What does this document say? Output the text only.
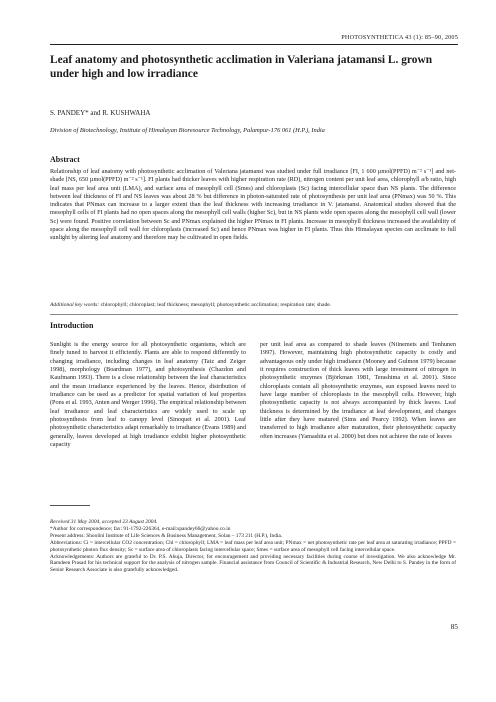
PHOTOSYNTHETICA 43 (1): 85–90, 2005
Leaf anatomy and photosynthetic acclimation in Valeriana jatamansi L. grown under high and low irradiance
S. PANDEY* and R. KUSHWAHA
Division of Biotechnology, Institute of Himalayan Bioresource Technology, Palampur-176 061 (H.P.), India
Abstract
Relationship of leaf anatomy with photosynthetic acclimation of Valeriana jatamansi was studied under full irradiance [FI, 1 600 µmol(PPFD) m⁻² s⁻¹] and net-shade [NS, 650 µmol(PPFD) m⁻² s⁻¹]. FI plants had thicker leaves with higher respiration rate (RD), nitrogen content per unit leaf area, chlorophyll a/b ratio, high leaf mass per leaf area unit (LMA), and surface area of mesophyll cell (Smes) and chloroplasts (Sc) facing intercellular space than NS plants. The difference between leaf thickness of FI and NS leaves was about 28 % but difference in photon-saturated rate of photosynthesis per unit leaf area (PNmax) was 50 %. This indicates that PNmax can increase to a larger extent than the leaf thickness with increasing irradiance in V. jatamansi. Anatomical studies showed that the mesophyll cells of FI plants had no open spaces along the mesophyll cell walls (higher Sc), but in NS plants wide open spaces along the mesophyll cell wall (lower Sc) were found. Positive correlation between Sc and PNmax explained the higher PNmax in FI plants. Increase in mesophyll thickness increased the availability of space along the mesophyll cell wall for chloroplasts (increased Sc) and hence PNmax was higher in FI plants. Thus this Himalayan species can acclimate to full sunlight by altering leaf anatomy and therefore may be cultivated in open fields.
Additional key words: chlorophyll; chloroplast; leaf thickness; mesophyll; photosynthetic acclimation; respiration rate; shade.
Introduction
Sunlight is the energy source for all photosynthetic organisms, which are finely tuned to harvest it efficiently. Plants are able to respond differently to changing irradiance, including changes in leaf anatomy (Taiz and Zeiger 1998), morphology (Boardman 1977), and photosynthesis (Chazdon and Kaufmann 1993). There is a close relationship between the leaf characteristics and the mean irradiance experienced by the leaves. Hence, distribution of irradiance can be used as a predictor for spatial variation of leaf properties (Pons et al. 1993, Anten and Werger 1996). The empirical relationship between leaf irradiance and leaf characteristics are widely used to scale up photosynthesis from leaf to canopy level (Sinoquet et al. 2001). Leaf photosynthetic characteristics adapt remarkably to irradiance (Evans 1989) and generally, leaves developed at high irradiance exhibit higher photosynthetic capacity
per unit leaf area as compared to shade leaves (Niinemets and Tenhunen 1997). However, maintaining high photosynthetic capacity is costly and advantageous only under high irradiance (Mooney and Gulmon 1979) because it requires construction of thick leaves with large investment of nitrogen in photosynthetic enzymes (Björkman 1981, Terashima et al. 2001). Since chloroplasts contain all photosynthetic enzymes, sun exposed leaves need to have large number of chloroplasts in the mesophyll cells. However, high photosynthetic capacity is not always accompanied by thick leaves. Leaf thickness is determined by the irradiance at leaf development, and changes little after they have matured (Sims and Pearcy 1992). When leaves are transferred to high irradiance after maturation, their photosynthetic capacity often increases (Yamashita et al. 2000) but does not achieve the rate of leaves
Received 31 May 2004, accepted 23 August 2004.
*Author for correspondence; fax: 91-1792-226364, e-mail:spandey66@yahoo.co.in
Present address: Shoolini Institute of Life Sciences & Business Management, Solan – 173 211 (H.P.), India.
Abbreviations: Ci = intercellular CO2 concentration; Chl = chlorophyll; LMA = leaf mass per leaf area unit; PNmax = net photosynthetic rate per leaf area at saturating irradiance; PPFD = photosynthetic photon flux density; Sc = surface area of chloroplasts facing intercellular space; Smes = surface area of mesophyll cell facing intercellular space.
Acknowledgements: Authors are grateful to Dr. P.S. Ahuja, Director, for encouragement and providing necessary facilities during course of investigation. We also acknowledge Mr. Ramdeen Prasad for his technical support for the analysis of nitrogen sample. Financial assistance from Council of Scientific & Industrial Research, New Delhi to S. Pandey in the form of Senior Research Associate is also gratefully acknowledged.
85
